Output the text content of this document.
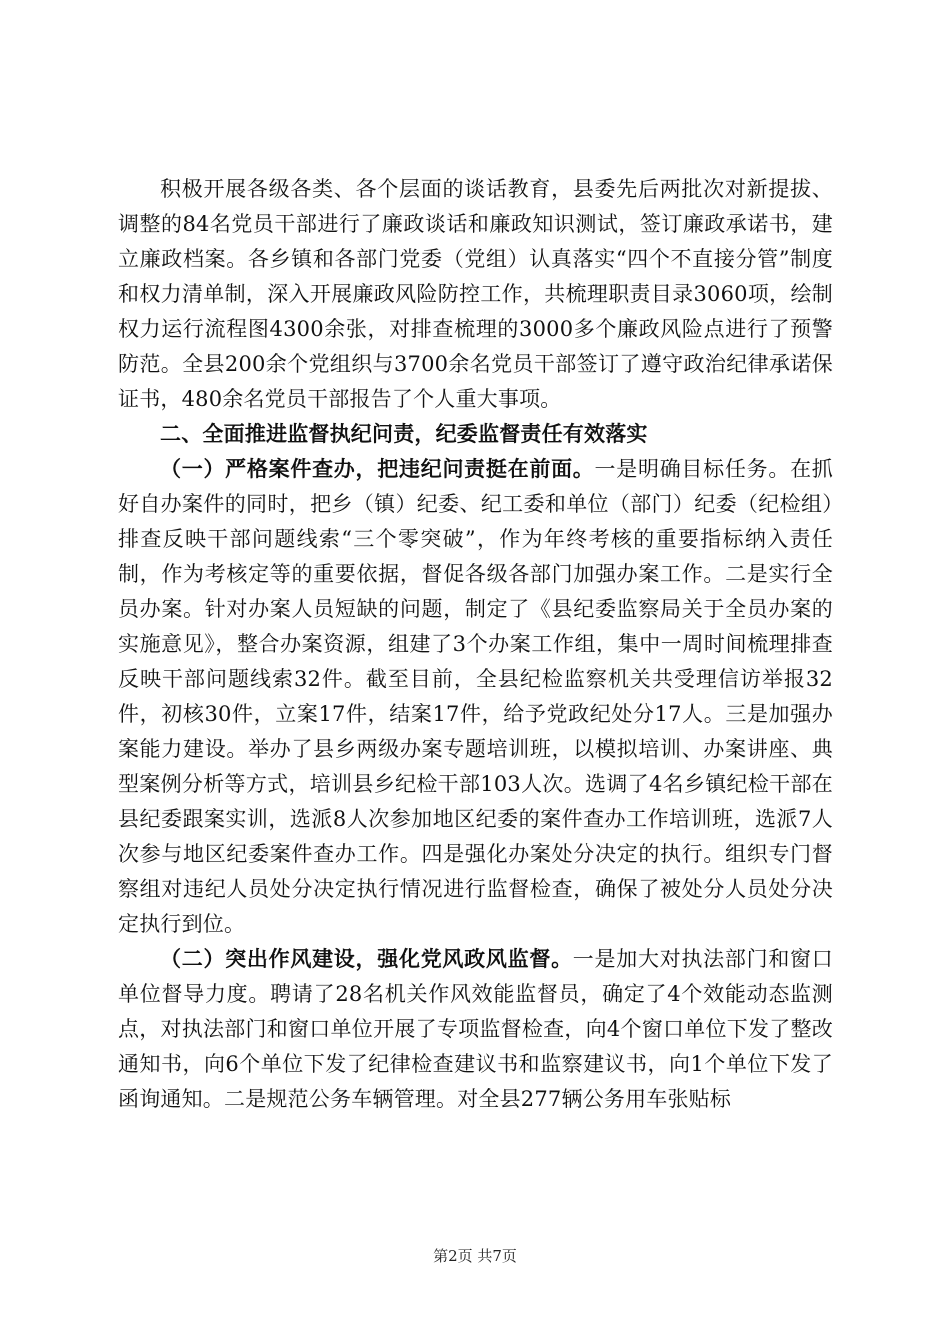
积极开展各级各类、各个层面的谈话教育，县委先后两批次对新提拔、调整的84名党员干部进行了廉政谈话和廉政知识测试，签订廉政承诺书，建立廉政档案。各乡镇和各部门党委（党组）认真落实“四个不直接分管”制度和权力清单制，深入开展廉政风险防控工作，共梳理职责目录3060项，绘制权力运行流程图4300余张，对排查梳理的3000多个廉政风险点进行了预警防范。全县200余个党组织与3700余名党员干部签订了遵守政治纪律承诺保证书，480余名党员干部报告了个人重大事项。

二、全面推进监督执纪问责，纪委监督责任有效落实

（一）严格案件查办，把违纪问责挺在前面。一是明确目标任务。在抓好自办案件的同时，把乡（镇）纪委、纪工委和单位（部门）纪委（纪检组）排查反映干部问题线索“三个零突破”，作为年终考核的重要指标纳入责任制，作为考核定等的重要依据，督促各级各部门加强办案工作。二是实行全员办案。针对办案人员短缺的问题，制定了《县纪委监察局关于全员办案的实施意见》，整合办案资源，组建了3个办案工作组，集中一周时间梳理排查反映干部问题线索32件。截至目前，全县纪检监察机关共受理信访举报32件，初核30件，立案17件，结案17件，给予党政纪处分17人。三是加强办案能力建设。举办了县乡两级办案专题培训班，以模拟培训、办案讲座、典型案例分析等方式，培训县乡纪检干部103人次。选调了4名乡镇纪检干部在县纪委跟案实训，选派8人次参加地区纪委的案件查办工作培训班，选派7人次参与地区纪委案件查办工作。四是强化办案处分决定的执行。组织专门督察组对违纪人员处分决定执行情况进行监督检查，确保了被处分人员处分决定执行到位。

（二）突出作风建设，强化党风政风监督。一是加大对执法部门和窗口单位督导力度。聘请了28名机关作风效能监督员，确定了4个效能动态监测点，对执法部门和窗口单位开展了专项监督检查，向4个窗口单位下发了整改通知书，向6个单位下发了纪律检查建议书和监察建议书，向1个单位下发了函询通知。二是规范公务车辆管理。对全县277辆公务用车张贴标

第2页 共7页
